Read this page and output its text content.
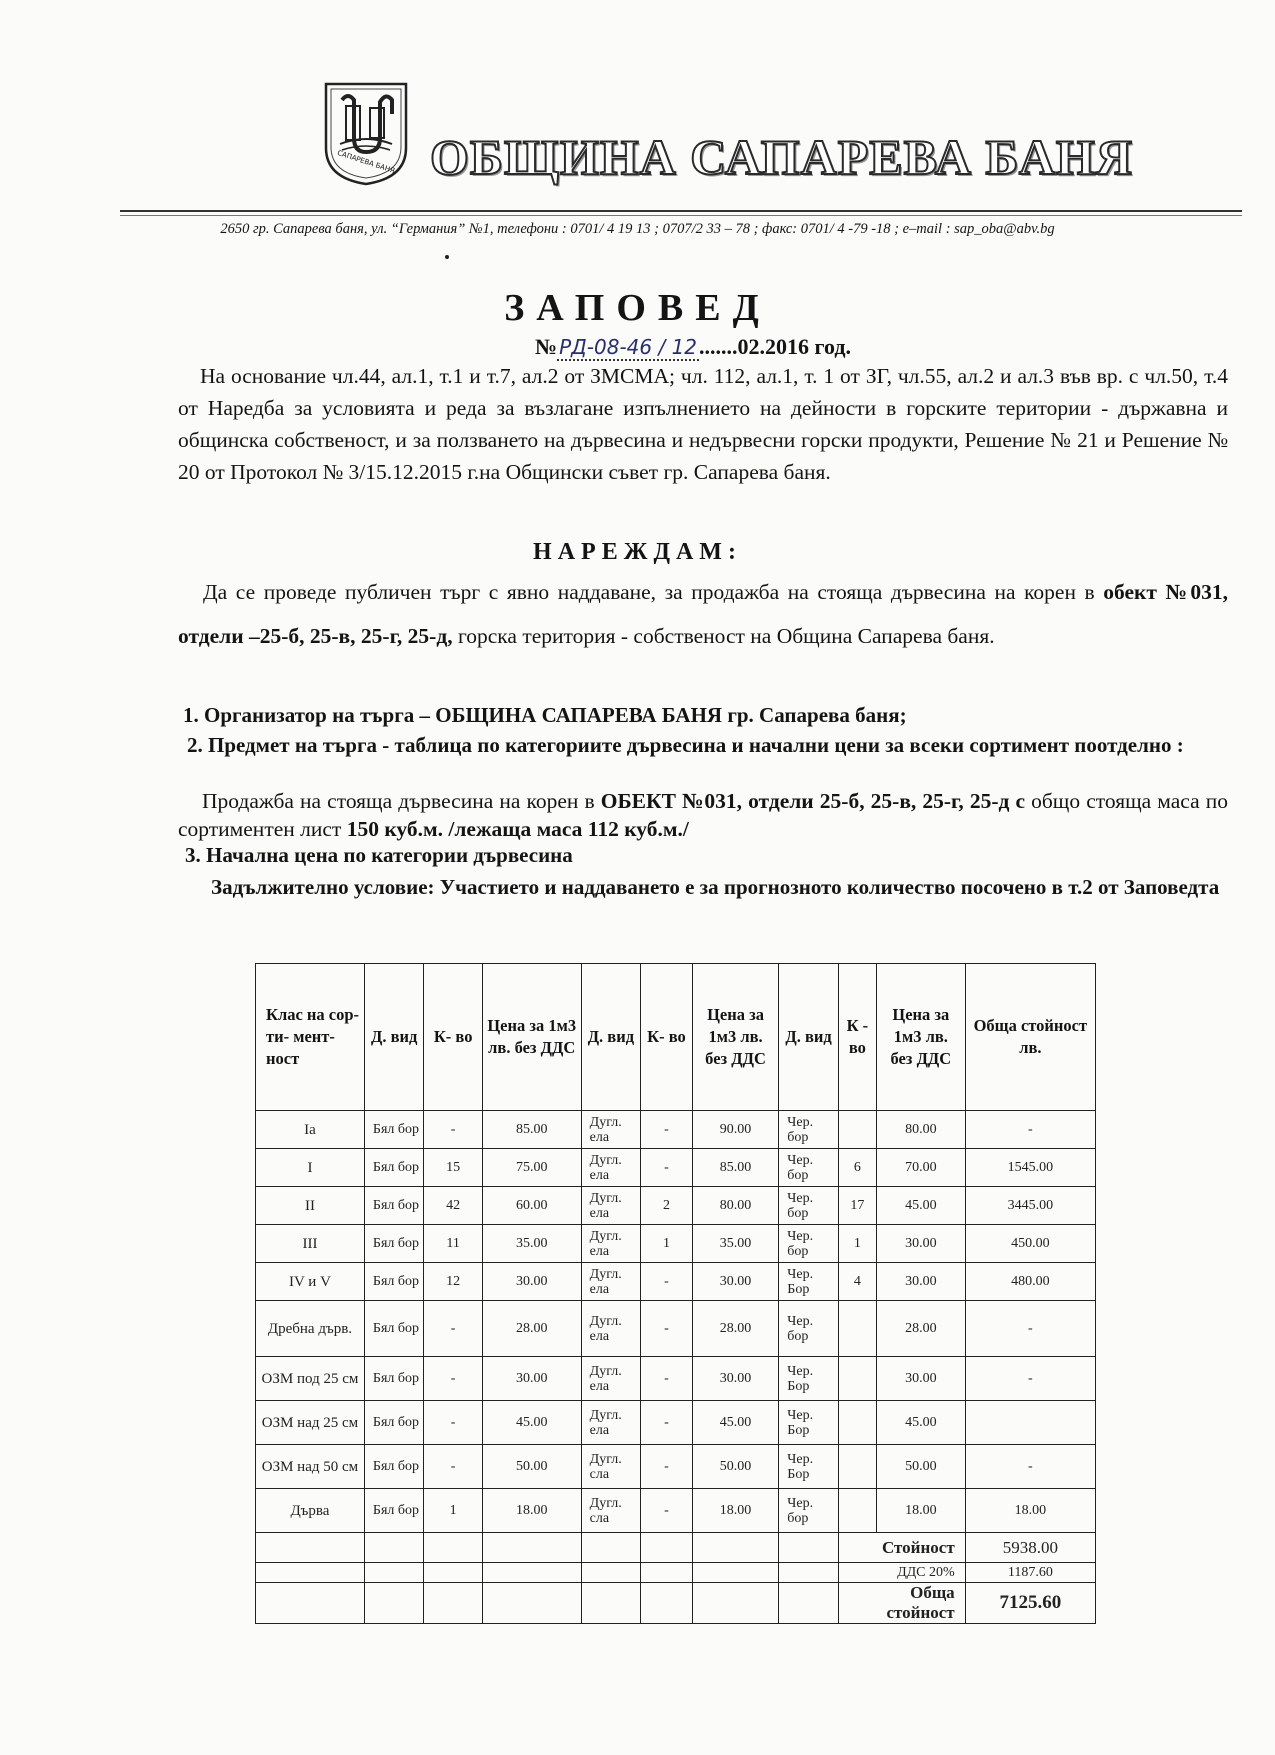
САПАРЕВА БАНЯ ОБЩИНА САПАРЕВА БАНЯ
2650 гр. Сапарева баня, ул. “Германия” №1, телефони : 0701/ 4 19 13 ; 0707/2 33 – 78 ; факс: 0701/ 4 -79 -18 ; e–mail : sap_oba@abv.bg
ЗАПОВЕД
№ РД-08-46 / 12.......02.2016 год.
На основание чл.44, ал.1, т.1 и т.7, ал.2 от ЗМСМА; чл. 112, ал.1, т. 1 от ЗГ, чл.55, ал.2 и ал.3 във вр. с чл.50, т.4 от Наредба за условията и реда за възлагане изпълнението на дейности в горските територии - държавна и общинска собственост, и за ползването на дървесина и недървесни горски продукти, Решение № 21 и Решение № 20 от Протокол № 3/15.12.2015 г.на Общински съвет гр. Сапарева баня.
НАРЕЖДАМ:
Да се проведе публичен търг с явно наддаване, за продажба на стояща дървесина на корен в обект №031, отдели –25-б, 25-в, 25-г, 25-д, горска територия - собственост на Община Сапарева баня.
1. Организатор на търга – ОБЩИНА САПАРЕВА БАНЯ гр. Сапарева баня;
2. Предмет на търга - таблица по категориите дървесина и начални цени за всеки сортимент поотделно :
Продажба на стояща дървесина на корен в ОБЕКТ №031, отдели 25-б, 25-в, 25-г, 25-д с общо стояща маса по сортиментен лист 150 куб.м. /лежаща маса 112 куб.м./
3. Начална цена по категории дървесина
Задължително условие: Участието и наддаването е за прогнозното количество посочено в т.2 от Заповедта
Клас на сор- ти- мент- ност	Д. вид	К- во	Цена за 1м3 лв. без ДДС	Д. вид	К- во	Цена за 1м3 лв. без ДДС	Д. вид	К - во	Цена за 1м3 лв. без ДДС	Обща стойност лв.
Ia	Бял бор	-	85.00	Дугл. ела	-	90.00	Чер. бор		80.00	-
I	Бял бор	15	75.00	Дугл. ела	-	85.00	Чер. бор	6	70.00	1545.00
II	Бял бор	42	60.00	Дугл. ела	2	80.00	Чер. бор	17	45.00	3445.00
III	Бял бор	11	35.00	Дугл. ела	1	35.00	Чер. бор	1	30.00	450.00
IV и V	Бял бор	12	30.00	Дугл. ела	-	30.00	Чер. Бор	4	30.00	480.00
Дребна дърв.	Бял бор	-	28.00	Дугл. ела	-	28.00	Чер. бор		28.00	-
ОЗМ под 25 см	Бял бор	-	30.00	Дугл. ела	-	30.00	Чер. Бор		30.00	-
ОЗМ над 25 см	Бял бор	-	45.00	Дугл. ела	-	45.00	Чер. Бор		45.00	
ОЗМ над 50 см	Бял бор	-	50.00	Дугл. сла	-	50.00	Чер. Бор		50.00	-
Дърва	Бял бор	1	18.00	Дугл. сла	-	18.00	Чер. бор		18.00	18.00
								Стойност		5938.00
								ДДС 20%		1187.60
								Обща стойност		7125.60
